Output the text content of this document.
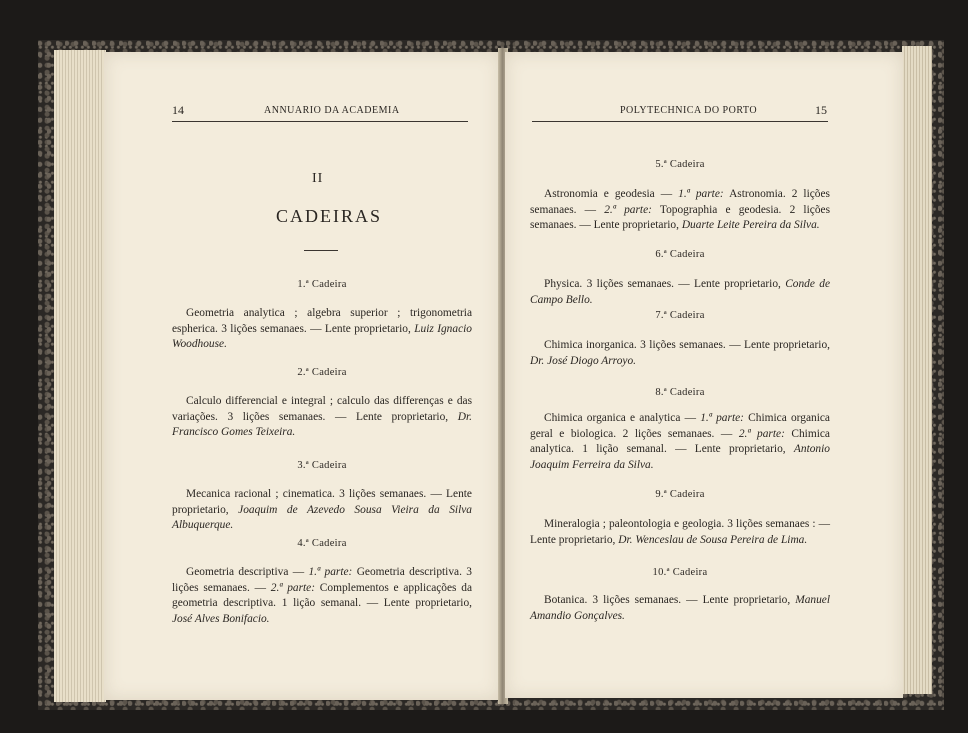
14	ANNUARIO DA ACADEMIA
II
CADEIRAS
1.ª Cadeira

Geometria analytica ; algebra superior ; trigonometria espherica. 3 lições semanaes. — Lente proprietario, Luiz Ignacio Woodhouse.

2.ª Cadeira

Calculo differencial e integral ; calculo das differenças e das variações. 3 lições semanaes. — Lente proprietario, Dr. Francisco Gomes Teixeira.

3.ª Cadeira

Mecanica racional ; cinematica. 3 lições semanaes. — Lente proprietario, Joaquim de Azevedo Sousa Vieira da Silva Albuquerque.

4.ª Cadeira

Geometria descriptiva — 1.ª parte: Geometria descriptiva. 3 lições semanaes. — 2.ª parte: Complementos e applicações da geometria descriptiva. 1 lição semanal. — Lente proprietario, José Alves Bonifacio.

POLYTECHNICA DO PORTO	15
5.ª Cadeira

Astronomia e geodesia — 1.ª parte: Astronomia. 2 lições semanaes. — 2.ª parte: Topographia e geodesia. 2 lições semanaes. — Lente proprietario, Duarte Leite Pereira da Silva.

6.ª Cadeira

Physica. 3 lições semanaes. — Lente proprietario, Conde de Campo Bello.

7.ª Cadeira

Chimica inorganica. 3 lições semanaes. — Lente proprietario, Dr. José Diogo Arroyo.

8.ª Cadeira

Chimica organica e analytica — 1.ª parte: Chimica organica geral e biologica. 2 lições semanaes. — 2.ª parte: Chimica analytica. 1 lição semanal. — Lente proprietario, Antonio Joaquim Ferreira da Silva.

9.ª Cadeira

Mineralogia ; paleontologia e geologia. 3 lições semanaes : — Lente proprietario, Dr. Wenceslau de Sousa Pereira de Lima.

10.ª Cadeira

Botanica. 3 lições semanaes. — Lente proprietario, Manuel Amandio Gonçalves.
